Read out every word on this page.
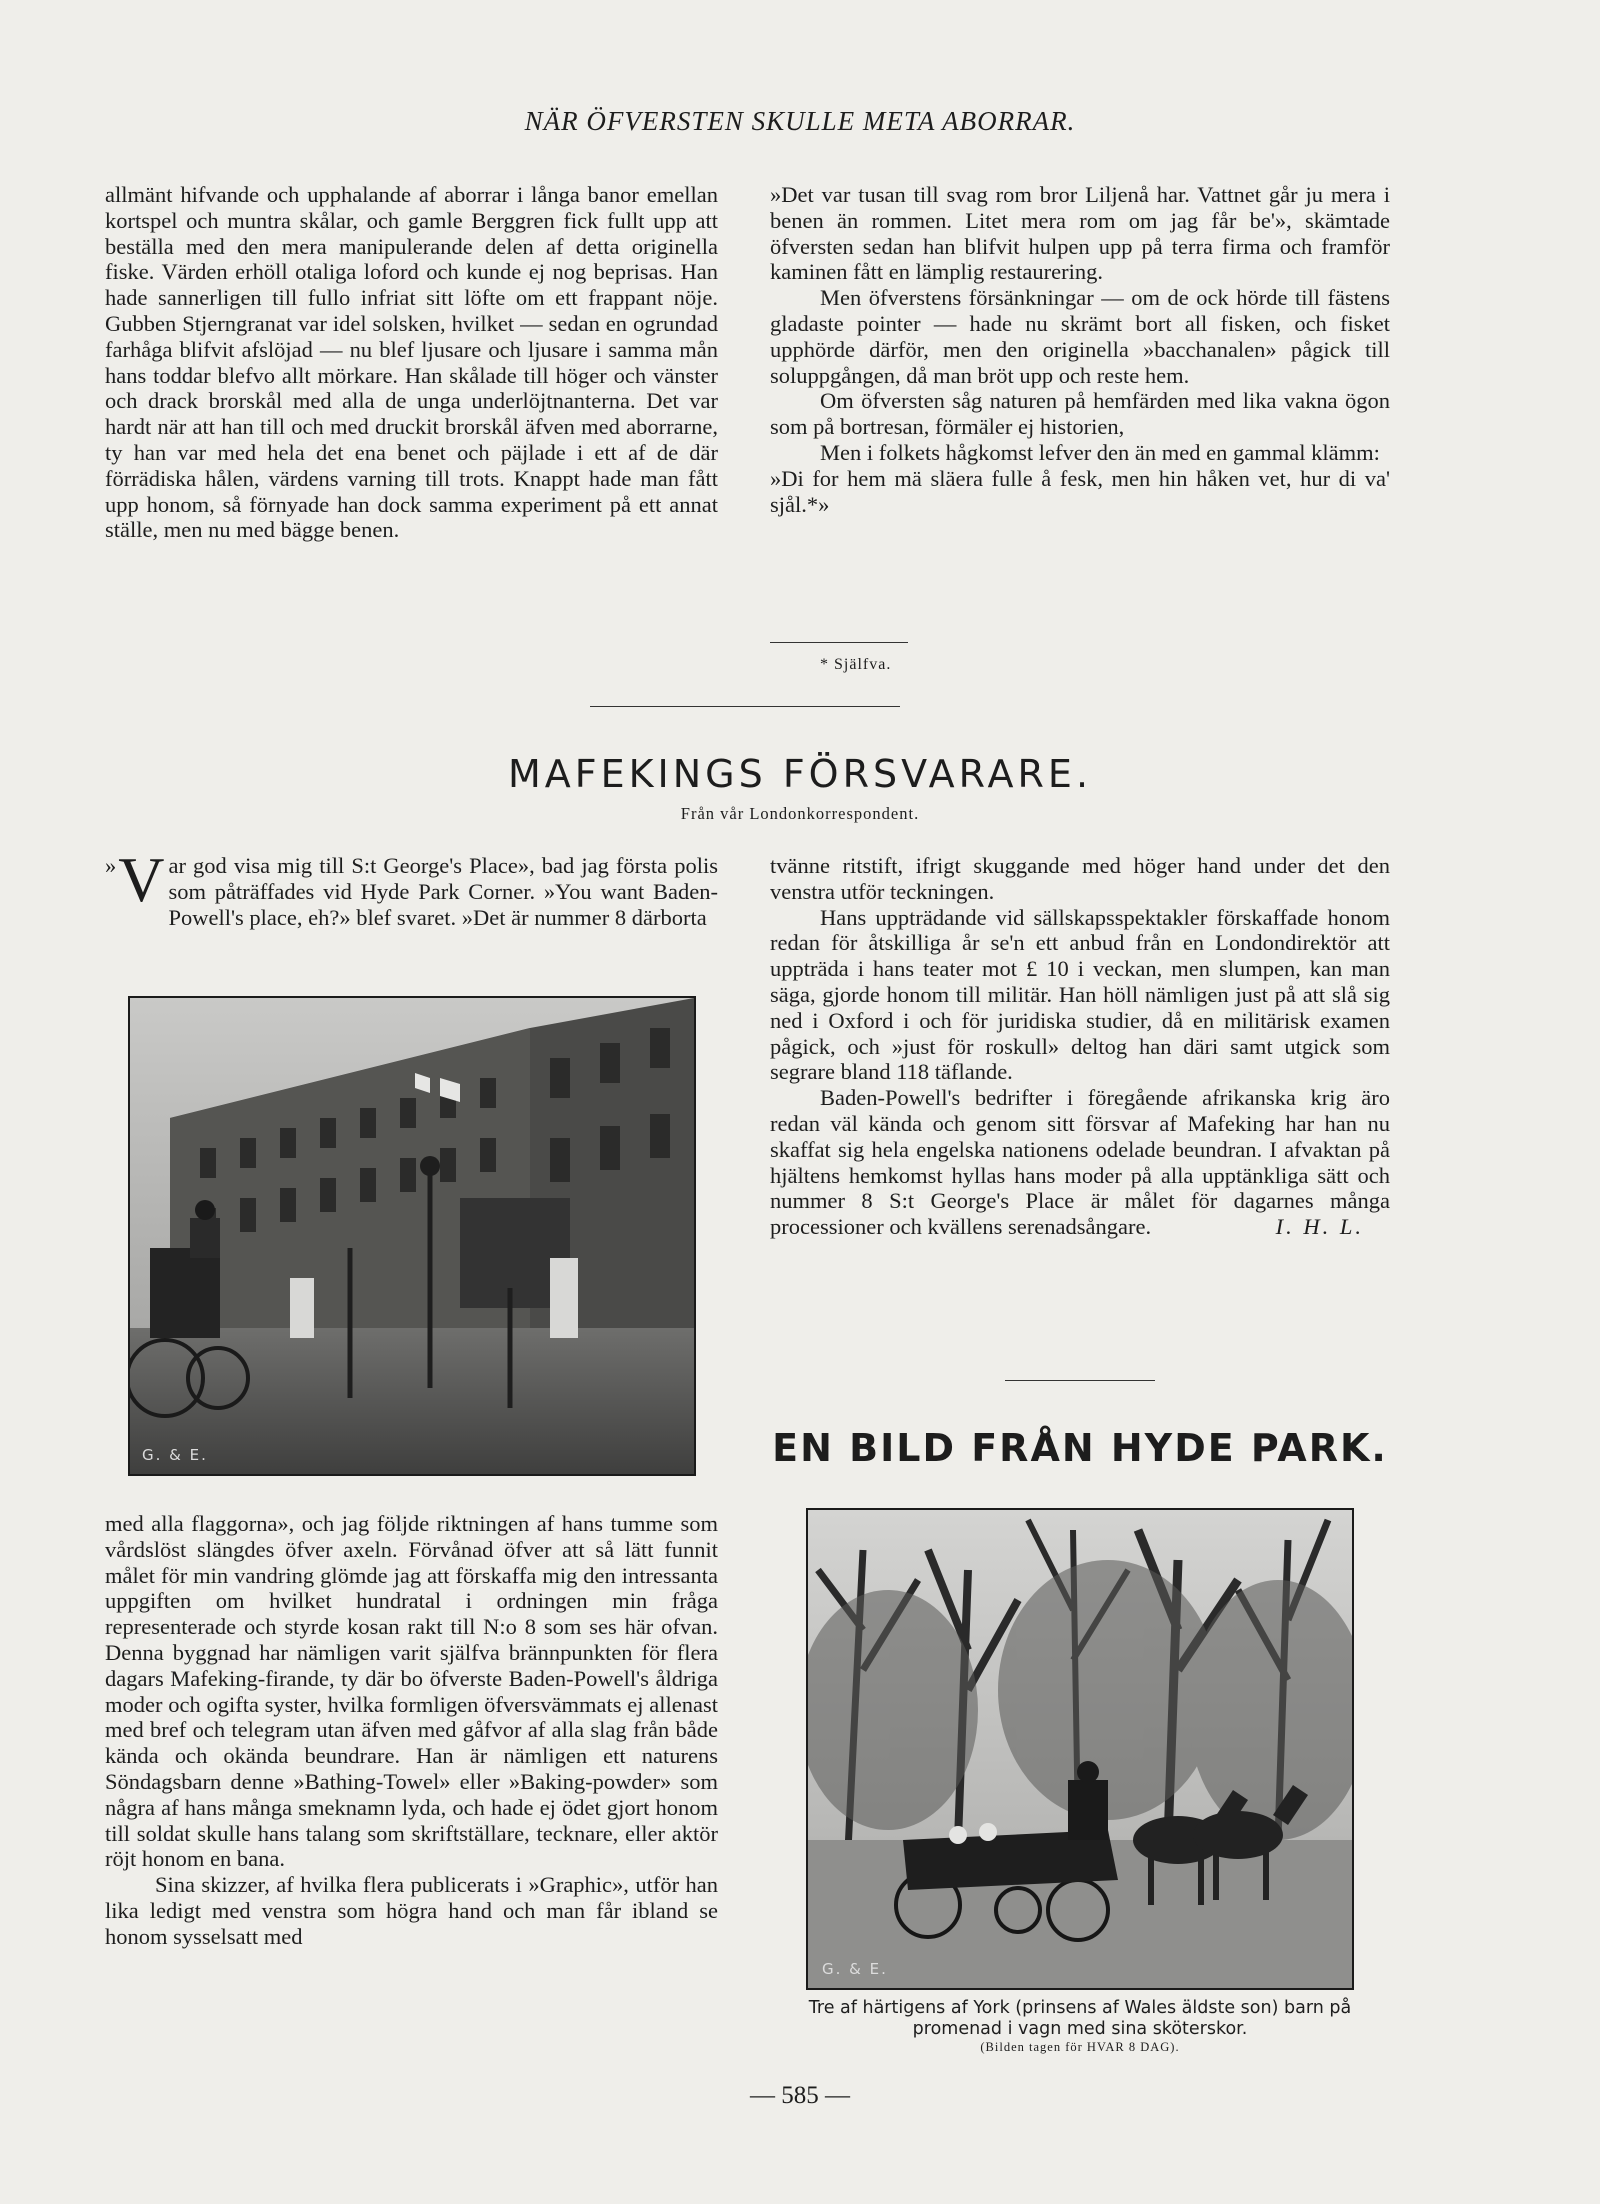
NÄR ÖFVERSTEN SKULLE META ABORRAR.

allmänt hifvande och upphalande af aborrar i långa banor emellan kortspel och muntra skålar, och gamle Berggren fick fullt upp att beställa med den mera manipulerande delen af detta originella fiske. Värden erhöll otaliga loford och kunde ej nog beprisas. Han hade sannerligen till fullo infriat sitt löfte om ett frappant nöje. Gubben Stjerngranat var idel solsken, hvilket — sedan en ogrundad farhåga blifvit afslöjad — nu blef ljusare och ljusare i samma mån hans toddar blefvo allt mörkare. Han skålade till höger och vänster och drack brorskål med alla de unga underlöjtnanterna. Det var hardt när att han till och med druckit brorskål äfven med aborrarne, ty han var med hela det ena benet och päjlade i ett af de där förrädiska hålen, värdens varning till trots. Knappt hade man fått upp honom, så förnyade han dock samma experiment på ett annat ställe, men nu med bägge benen.

»Det var tusan till svag rom bror Liljenå har. Vattnet går ju mera i benen än rommen. Litet mera rom om jag får be'», skämtade öfversten sedan han blifvit hulpen upp på terra firma och framför kaminen fått en lämplig restaurering.

Men öfverstens försänkningar — om de ock hörde till fästens gladaste pointer — hade nu skrämt bort all fisken, och fisket upphörde därför, men den originella »bacchanalen» pågick till soluppgången, då man bröt upp och reste hem.

Om öfversten såg naturen på hemfärden med lika vakna ögon som på bortresan, förmäler ej historien,

Men i folkets hågkomst lefver den än med en gammal klämm:

»Di for hem mä släera fulle å fesk, men hin håken vet, hur di va' sjål.*»

* Själfva.
MAFEKINGS FÖRSVARARE.
Från vår Londonkorrespondent.

» V ar god visa mig till S:t George's Place», bad jag första polis som påträffades vid Hyde Park Corner. »You want Baden-Powell's place, eh?» blef svaret. »Det är nummer 8 därborta

G. & E.

med alla flaggorna», och jag följde riktningen af hans tumme som vårdslöst slängdes öfver axeln. Förvånad öfver att så lätt funnit målet för min vandring glömde jag att förskaffa mig den intressanta uppgiften om hvilket hundratal i ordningen min fråga representerade och styrde kosan rakt till N:o 8 som ses här ofvan. Denna byggnad har nämligen varit själfva brännpunkten för flera dagars Mafeking-firande, ty där bo öfverste Baden-Powell's åldriga moder och ogifta syster, hvilka formligen öfversvämmats ej allenast med bref och telegram utan äfven med gåfvor af alla slag från både kända och okända beundrare. Han är nämligen ett naturens Söndagsbarn denne »Bathing-Towel» eller »Baking-powder» som några af hans många smeknamn lyda, och hade ej ödet gjort honom till soldat skulle hans talang som skriftställare, tecknare, eller aktör röjt honom en bana.

Sina skizzer, af hvilka flera publicerats i »Graphic», utför han lika ledigt med venstra som högra hand och man får ibland se honom sysselsatt med

tvänne ritstift, ifrigt skuggande med höger hand under det den venstra utför teckningen.

Hans uppträdande vid sällskapsspektakler förskaffade honom redan för åtskilliga år se'n ett anbud från en Londondirektör att uppträda i hans teater mot £ 10 i veckan, men slumpen, kan man säga, gjorde honom till militär. Han höll nämligen just på att slå sig ned i Oxford i och för juridiska studier, då en militärisk examen pågick, och »just för roskull» deltog han däri samt utgick som segrare bland 118 täflande.

Baden-Powell's bedrifter i föregående afrikanska krig äro redan väl kända och genom sitt försvar af Mafeking har han nu skaffat sig hela engelska nationens odelade beundran. I afvaktan på hjältens hemkomst hyllas hans moder på alla upptänkliga sätt och nummer 8 S:t George's Place är målet för dagarnes många processioner och kvällens serenadsångare.	I. H. L.

EN BILD FRÅN HYDE PARK.
G. & E.
Tre af härtigens af York (prinsens af Wales äldste son) barn på promenad i vagn med sina sköterskor.
(Bilden tagen för HVAR 8 DAG).
— 585 —
